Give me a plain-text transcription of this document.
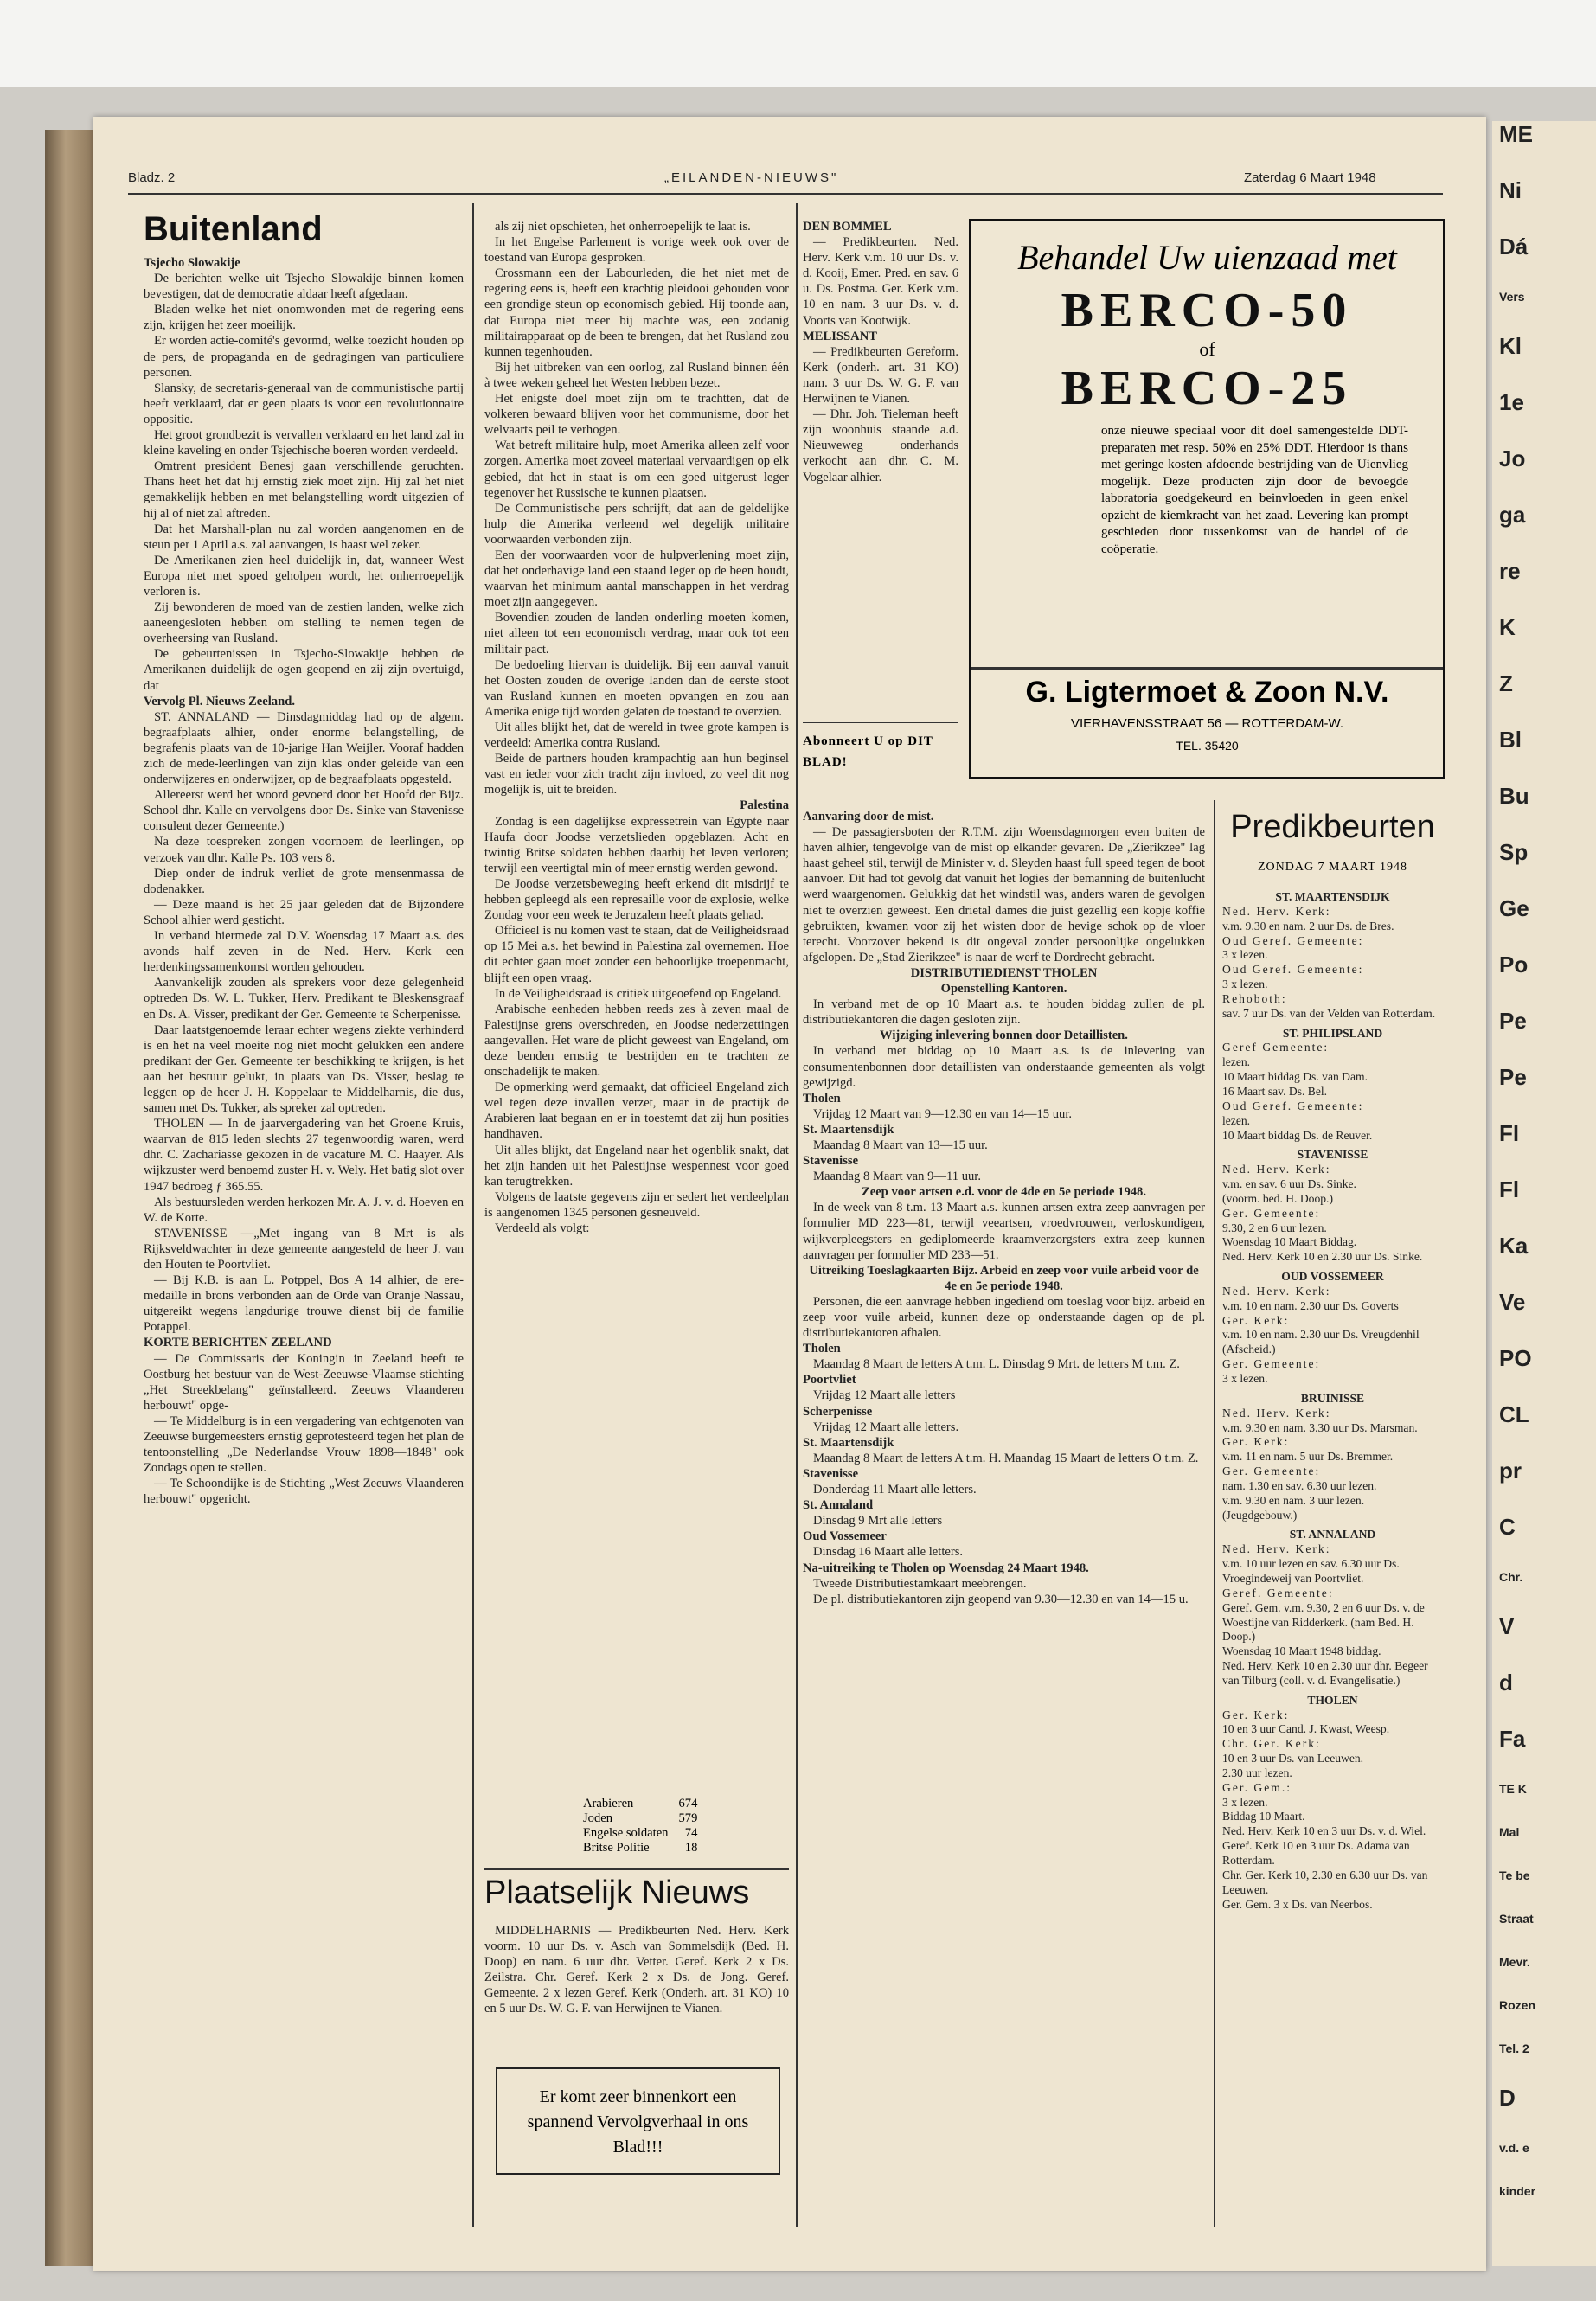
Bladz. 2	„EILANDEN-NIEUWS"	Zaterdag 6 Maart 1948
Buitenland

Tsjecho Slowakije

De berichten welke uit Tsjecho Slowakije binnen komen bevestigen, dat de democratie aldaar heeft afgedaan.

Bladen welke het niet onomwonden met de regering eens zijn, krijgen het zeer moeilijk.

Er worden actie-comité's gevormd, welke toezicht houden op de pers, de propaganda en de gedragingen van particuliere personen.

Slansky, de secretaris-generaal van de communistische partij heeft verklaard, dat er geen plaats is voor een revolutionnaire oppositie.

Het groot grondbezit is vervallen verklaard en het land zal in kleine kaveling en onder Tsjechische boeren worden verdeeld.

Omtrent president Benesj gaan verschillende geruchten. Thans heet het dat hij ernstig ziek moet zijn. Hij zal het niet gemakkelijk hebben en met belangstelling wordt uitgezien of hij al of niet zal aftreden.

Dat het Marshall-plan nu zal worden aangenomen en de steun per 1 April a.s. zal aanvangen, is haast wel zeker.

De Amerikanen zien heel duidelijk in, dat, wanneer West Europa niet met spoed geholpen wordt, het onherroepelijk verloren is.

Zij bewonderen de moed van de zestien landen, welke zich aaneengesloten hebben om stelling te nemen tegen de overheersing van Rusland.

De gebeurtenissen in Tsjecho-Slowakije hebben de Amerikanen duidelijk de ogen geopend en zij zijn overtuigd, dat

Vervolg Pl. Nieuws Zeeland.

ST. ANNALAND — Dinsdagmiddag had op de algem. begraafplaats alhier, onder enorme belangstelling, de begrafenis plaats van de 10-jarige Han Weijler. Vooraf hadden zich de mede-leerlingen van zijn klas onder geleide van een onderwijzeres en onderwijzer, op de begraafplaats opgesteld.

Allereerst werd het woord gevoerd door het Hoofd der Bijz. School dhr. Kalle en vervolgens door Ds. Sinke van Stavenisse consulent dezer Gemeente.)

Na deze toespreken zongen voornoem de leerlingen, op verzoek van dhr. Kalle Ps. 103 vers 8.

Diep onder de indruk verliet de grote mensenmassa de dodenakker.

— Deze maand is het 25 jaar geleden dat de Bijzondere School alhier werd gesticht.

In verband hiermede zal D.V. Woensdag 17 Maart a.s. des avonds half zeven in de Ned. Herv. Kerk een herdenkingssamenkomst worden gehouden.

Aanvankelijk zouden als sprekers voor deze gelegenheid optreden Ds. W. L. Tukker, Herv. Predikant te Bleskensgraaf en Ds. A. Visser, predikant der Ger. Gemeente te Scherpenisse.

Daar laatstgenoemde leraar echter wegens ziekte verhinderd is en het na veel moeite nog niet mocht gelukken een andere predikant der Ger. Gemeente ter beschikking te krijgen, is het aan het bestuur gelukt, in plaats van Ds. Visser, beslag te leggen op de heer J. H. Koppelaar te Middelharnis, die dus, samen met Ds. Tukker, als spreker zal optreden.

THOLEN — In de jaarvergadering van het Groene Kruis, waarvan de 815 leden slechts 27 tegenwoordig waren, werd dhr. C. Zachariasse gekozen in de vacature M. C. Haayer. Als wijkzuster werd benoemd zuster H. v. Wely. Het batig slot over 1947 bedroeg ƒ 365.55.

Als bestuursleden werden herkozen Mr. A. J. v. d. Hoeven en W. de Korte.

STAVENISSE —„Met ingang van 8 Mrt is als Rijksveldwachter in deze gemeente aangesteld de heer J. van den Houten te Poortvliet.

— Bij K.B. is aan L. Potppel, Bos A 14 alhier, de ere-medaille in brons verbonden aan de Orde van Oranje Nassau, uitgereikt wegens langdurige trouwe dienst bij de familie Potappel.

KORTE BERICHTEN ZEELAND

— De Commissaris der Koningin in Zeeland heeft te Oostburg het bestuur van de West-Zeeuwse-Vlaamse stichting „Het Streekbelang" geïnstalleerd. Zeeuws Vlaanderen herbouwt" opge-

— Te Middelburg is in een vergadering van echtgenoten van Zeeuwse burgemeesters ernstig geprotesteerd tegen het plan de tentoonstelling „De Nederlandse Vrouw 1898—1848" ook Zondags open te stellen.

— Te Schoondijke is de Stichting „West Zeeuws Vlaanderen herbouwt" opgericht.

als zij niet opschieten, het onherroepelijk te laat is.

In het Engelse Parlement is vorige week ook over de toestand van Europa gesproken.

Crossmann een der Labourleden, die het niet met de regering eens is, heeft een krachtig pleidooi gehouden voor een grondige steun op economisch gebied. Hij toonde aan, dat Europa niet meer bij machte was, een zodanig militairapparaat op de been te brengen, dat het Rusland zou kunnen tegenhouden.

Bij het uitbreken van een oorlog, zal Rusland binnen één à twee weken geheel het Westen hebben bezet.

Het enigste doel moet zijn om te trachtten, dat de volkeren bewaard blijven voor het communisme, door het welvaarts peil te verhogen.

Wat betreft militaire hulp, moet Amerika alleen zelf voor zorgen. Amerika moet zoveel materiaal vervaardigen op elk gebied, dat het in staat is om een goed uitgerust leger tegenover het Russische te kunnen plaatsen.

De Communistische pers schrijft, dat aan de geldelijke hulp die Amerika verleend wel degelijk militaire voorwaarden verbonden zijn.

Een der voorwaarden voor de hulpverlening moet zijn, dat het onderhavige land een staand leger op de been houdt, waarvan het minimum aantal manschappen in het verdrag moet zijn aangegeven.

Bovendien zouden de landen onderling moeten komen, niet alleen tot een economisch verdrag, maar ook tot een militair pact.

De bedoeling hiervan is duidelijk. Bij een aanval vanuit het Oosten zouden de overige landen dan de eerste stoot van Rusland kunnen en moeten opvangen en zou aan Amerika enige tijd worden gelaten de toestand te overzien.

Uit alles blijkt het, dat de wereld in twee grote kampen is verdeeld: Amerika contra Rusland.

Beide de partners houden krampachtig aan hun beginsel vast en ieder voor zich tracht zijn invloed, zo veel dit nog mogelijk is, uit te breiden.

Palestina

Zondag is een dagelijkse expressetrein van Egypte naar Haufa door Joodse verzetslieden opgeblazen. Acht en twintig Britse soldaten hebben daarbij het leven verloren; terwijl een veertigtal min of meer ernstig werden gewond.

De Joodse verzetsbeweging heeft erkend dit misdrijf te hebben gepleegd als een represaille voor de explosie, welke Zondag voor een week te Jeruzalem heeft plaats gehad.

Officieel is nu komen vast te staan, dat de Veiligheidsraad op 15 Mei a.s. het bewind in Palestina zal overnemen. Hoe dit echter gaan moet zonder een behoorlijke troepenmacht, blijft een open vraag.

In de Veiligheidsraad is critiek uitgeoefend op Engeland.

Arabische eenheden hebben reeds zes à zeven maal de Palestijnse grens overschreden, en Joodse nederzettingen aangevallen. Het ware de plicht geweest van Engeland, om deze benden ernstig te bestrijden en te trachten ze onschadelijk te maken.

De opmerking werd gemaakt, dat officieel Engeland zich wel tegen deze invallen verzet, maar in de practijk de Arabieren laat begaan en er in toestemt dat zij hun posities handhaven.

Uit alles blijkt, dat Engeland naar het ogenblik snakt, dat het zijn handen uit het Palestijnse wespennest voor goed kan terugtrekken.

Volgens de laatste gegevens zijn er sedert het verdeelplan is aangenomen 1345 personen gesneuveld.

Verdeeld als volgt:

Arabieren	674
Joden	579
Engelse soldaten	74
Britse Politie	18
Plaatselijk Nieuws

MIDDELHARNIS — Predikbeurten Ned. Herv. Kerk voorm. 10 uur Ds. v. Asch van Sommelsdijk (Bed. H. Doop) en nam. 6 uur dhr. Vetter. Geref. Kerk 2 x Ds. Zeilstra. Chr. Geref. Kerk 2 x Ds. de Jong. Geref. Gemeente. 2 x lezen Geref. Kerk (Onderh. art. 31 KO) 10 en 5 uur Ds. W. G. F. van Herwijnen te Vianen.

Er komt zeer binnenkort een spannend Vervolgverhaal in ons Blad!!!

DEN BOMMEL

— Predikbeurten. Ned. Herv. Kerk v.m. 10 uur Ds. v. d. Kooij, Emer. Pred. en sav. 6 u. Ds. Postma. Ger. Kerk v.m. 10 en nam. 3 uur Ds. v. d. Voorts van Kootwijk.

MELISSANT

— Predikbeurten Gereform. Kerk (onderh. art. 31 KO) nam. 3 uur Ds. W. G. F. van Herwijnen te Vianen.

— Dhr. Joh. Tieleman heeft zijn woonhuis staande a.d. Nieuweweg onderhands verkocht aan dhr. C. M. Vogelaar alhier.

Abonneert U op DIT BLAD!
Behandel Uw uienzaad met
BERCO-50
of
BERCO-25
onze nieuwe speciaal voor dit doel samengestelde DDT-preparaten met resp. 50% en 25% DDT. Hierdoor is thans met geringe kosten afdoende bestrijding van de Uienvlieg mogelijk. Deze producten zijn door de bevoegde laboratoria goedgekeurd en beinvloeden in geen enkel opzicht de kiemkracht van het zaad. Levering kan prompt geschieden door tussenkomst van de handel of de coöperatie.
G. Ligtermoet & Zoon N.V.
VIERHAVENSSTRAAT 56 — ROTTERDAM-W.
TEL. 35420

Aanvaring door de mist.

— De passagiersboten der R.T.M. zijn Woensdagmorgen even buiten de haven alhier, tengevolge van de mist op elkander gevaren. De „Zierikzee" lag haast geheel stil, terwijl de Minister v. d. Sleyden haast full speed tegen de boot aanvoer. Dit had tot gevolg dat vanuit het logies der bemanning de buitenlucht werd waargenomen. Gelukkig dat het windstil was, anders waren de gevolgen niet te overzien geweest. Een drietal dames die juist gezellig een kopje koffie gebruikten, kwamen voor zij het wisten door de hevige schok op de vloer terecht. Voorzover bekend is dit ongeval zonder persoonlijke ongelukken afgelopen. De „Stad Zierikzee" is naar de werf te Dordrecht gebracht.

DISTRIBUTIEDIENST THOLEN

Openstelling Kantoren.

In verband met de op 10 Maart a.s. te houden biddag zullen de pl. distributiekantoren die dagen gesloten zijn.

Wijziging inlevering bonnen door Detaillisten.

In verband met biddag op 10 Maart a.s. is de inlevering van consumentenbonnen door detaillisten van onderstaande gemeenten als volgt gewijzigd.

Tholen

Vrijdag 12 Maart van 9—12.30 en van 14—15 uur.

St. Maartensdijk

Maandag 8 Maart van 13—15 uur.

Stavenisse

Maandag 8 Maart van 9—11 uur.

Zeep voor artsen e.d. voor de 4de en 5e periode 1948.

In de week van 8 t.m. 13 Maart a.s. kunnen artsen extra zeep aanvragen per formulier MD 223—81, terwijl veeartsen, vroedvrouwen, verloskundigen, wijkverpleegsters en gediplomeerde kraamverzorgsters extra zeep kunnen aanvragen per formulier MD 233—51.

Uitreiking Toeslagkaarten Bijz. Arbeid en zeep voor vuile arbeid voor de 4e en 5e periode 1948.

Personen, die een aanvrage hebben ingediend om toeslag voor bijz. arbeid en zeep voor vuile arbeid, kunnen deze op onderstaande dagen op de pl. distributiekantoren afhalen.

Tholen

Maandag 8 Maart de letters A t.m. L. Dinsdag 9 Mrt. de letters M t.m. Z.

Poortvliet

Vrijdag 12 Maart alle letters

Scherpenisse

Vrijdag 12 Maart alle letters.

St. Maartensdijk

Maandag 8 Maart de letters A t.m. H. Maandag 15 Maart de letters O t.m. Z.

Stavenisse

Donderdag 11 Maart alle letters.

St. Annaland

Dinsdag 9 Mrt alle letters

Oud Vossemeer

Dinsdag 16 Maart alle letters.

Na-uitreiking te Tholen op Woensdag 24 Maart 1948.

Tweede Distributiestamkaart meebrengen.

De pl. distributiekantoren zijn geopend van 9.30—12.30 en van 14—15 u.

Predikbeurten
ZONDAG 7 MAART 1948

ST. MAARTENSDIJK

Ned. Herv. Kerk:

v.m. 9.30 en nam. 2 uur Ds. de Bres.

Oud Geref. Gemeente:

3 x lezen.

Oud Geref. Gemeente:

3 x lezen.

Rehoboth:

sav. 7 uur Ds. van der Velden van Rotterdam.

ST. PHILIPSLAND

Geref Gemeente:

lezen.

10 Maart biddag Ds. van Dam.

16 Maart sav. Ds. Bel.

Oud Geref. Gemeente:

lezen.

10 Maart biddag Ds. de Reuver.

STAVENISSE

Ned. Herv. Kerk:

v.m. en sav. 6 uur Ds. Sinke.

(voorm. bed. H. Doop.)

Ger. Gemeente:

9.30, 2 en 6 uur lezen.

Woensdag 10 Maart Biddag.

Ned. Herv. Kerk 10 en 2.30 uur Ds. Sinke.

OUD VOSSEMEER

Ned. Herv. Kerk:

v.m. 10 en nam. 2.30 uur Ds. Goverts

Ger. Kerk:

v.m. 10 en nam. 2.30 uur Ds. Vreugdenhil (Afscheid.)

Ger. Gemeente:

3 x lezen.

BRUINISSE

Ned. Herv. Kerk:

v.m. 9.30 en nam. 3.30 uur Ds. Marsman.

Ger. Kerk:

v.m. 11 en nam. 5 uur Ds. Bremmer.

Ger. Gemeente:

nam. 1.30 en sav. 6.30 uur lezen.

v.m. 9.30 en nam. 3 uur lezen.

(Jeugdgebouw.)

ST. ANNALAND

Ned. Herv. Kerk:

v.m. 10 uur lezen en sav. 6.30 uur Ds. Vroegindeweij van Poortvliet.

Geref. Gemeente:

Geref. Gem. v.m. 9.30, 2 en 6 uur Ds. v. de Woestijne van Ridderkerk. (nam Bed. H. Doop.)

Woensdag 10 Maart 1948 biddag.

Ned. Herv. Kerk 10 en 2.30 uur dhr. Begeer van Tilburg (coll. v. d. Evangelisatie.)

THOLEN

Ger. Kerk:

10 en 3 uur Cand. J. Kwast, Weesp.

Chr. Ger. Kerk:

10 en 3 uur Ds. van Leeuwen.

2.30 uur lezen.

Ger. Gem.:

3 x lezen.

Biddag 10 Maart.

Ned. Herv. Kerk 10 en 3 uur Ds. v. d. Wiel.

Geref. Kerk 10 en 3 uur Ds. Adama van Rotterdam.

Chr. Ger. Kerk 10, 2.30 en 6.30 uur Ds. van Leeuwen.

Ger. Gem. 3 x Ds. van Neerbos.

ME
Ni
Dá
Vers
Kl
1e
Jo
ga
re
K
Z
Bl
Bu
Sp
Ge
Po
Pe
Pe
Fl
Fl
Ka
Ve
PO
CL
pr
C
Chr.
V
d
Fa
TE K
Mal
Te be
Straat
Mevr.
Rozen
Tel. 2
D
v.d. e
kinder
